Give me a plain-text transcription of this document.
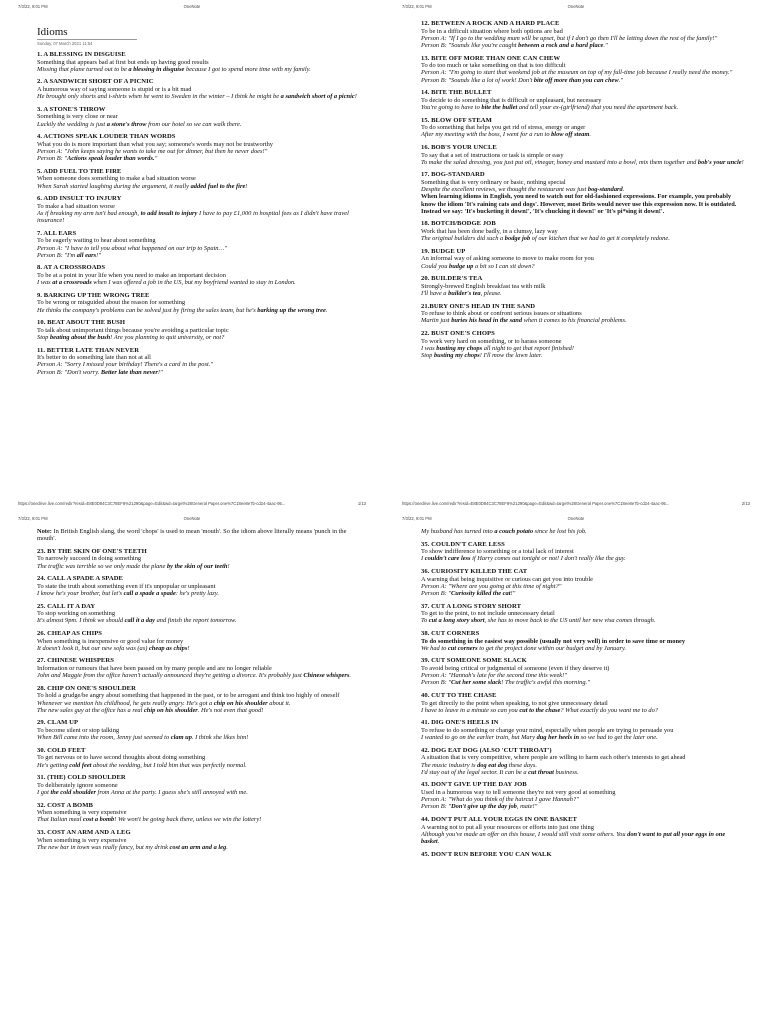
7/3/22, 9:01 PM	OneNote
Idioms
Sunday, 07 March 2021 11:54

1. A BLESSING IN DISGUISE

Something that appears bad at first but ends up having good results

Missing that plane turned out to be a blessing in disguise because I got to spend more time with my family.

2. A SANDWICH SHORT OF A PICNIC

A humorous way of saying someone is stupid or is a bit mad

He brought only shorts and t-shirts when he went to Sweden in the winter – I think he might be a sandwich short of a picnic!

3. A STONE'S THROW

Something is very close or near

Luckily the wedding is just a stone's throw from our hotel so we can walk there.

4. ACTIONS SPEAK LOUDER THAN WORDS

What you do is more important than what you say; someone's words may not be trustworthy

Person A: "John keeps saying he wants to take me out for dinner, but then he never does!"
Person B: "Actions speak louder than words."

5. ADD FUEL TO THE FIRE

When someone does something to make a bad situation worse

When Sarah started laughing during the argument, it really added fuel to the fire!

6. ADD INSULT TO INJURY

To make a bad situation worse

As if breaking my arm isn't bad enough, to add insult to injury I have to pay £1,000 in hospital fees as I didn't have travel insurance!

7. ALL EARS

To be eagerly waiting to hear about something

Person A: "I have to tell you about what happened on our trip to Spain…"
Person B: "I'm all ears!"

8. AT A CROSSROADS

To be at a point in your life when you need to make an important decision

I was at a crossroads when I was offered a job in the US, but my boyfriend wanted to stay in London.

9. BARKING UP THE WRONG TREE

To be wrong or misguided about the reason for something

He thinks the company's problems can be solved just by firing the sales team, but he's barking up the wrong tree.

10. BEAT ABOUT THE BUSH

To talk about unimportant things because you're avoiding a particular topic

Stop beating about the bush! Are you planning to quit university, or not?

11. BETTER LATE THAN NEVER

It's better to do something late than not at all

Person A: "Sorry I missed your birthday! There's a card in the post."
Person B: "Don't worry. Better late than never!"

https://onedrive.live.com/redir?resid=E8E0D84C3C78EF8%21290&page=Edit&wd=target%28General Paper.one%7C18ee8e7b-cd24-4aac-95...	1/13
7/3/22, 9:01 PM	OneNote

12. BETWEEN A ROCK AND A HARD PLACE

To be in a difficult situation where both options are bad

Person A: "If I go to the wedding mum will be upset, but if I don't go then I'll be letting down the rest of the family!"
Person B: "Sounds like you're caught between a rock and a hard place."

13. BITE OFF MORE THAN ONE CAN CHEW

To do too much or take something on that is too difficult

Person A: "I'm going to start that weekend job at the museum on top of my full-time job because I really need the money."
Person B: "Sounds like a lot of work! Don't bite off more than you can chew."

14. BITE THE BULLET

To decide to do something that is difficult or unpleasant, but necessary

You're going to have to bite the bullet and tell your ex-(girlfriend) that you need the apartment back.

15. BLOW OFF STEAM

To do something that helps you get rid of stress, energy or anger

After my meeting with the boss, I went for a run to blow off steam.

16. BOB'S YOUR UNCLE

To say that a set of instructions or task is simple or easy

To make the salad dressing, you just put oil, vinegar, honey and mustard into a bowl, mix them together and bob's your uncle!

17. BOG-STANDARD

Something that is very ordinary or basic, nothing special

Despite the excellent reviews, we thought the restaurant was just bog-standard.

When learning idioms in English, you need to watch out for old-fashioned expressions. For example, you probably know the idiom 'It's raining cats and dogs'. However, most Brits would never use this expression now. It is outdated. Instead we say: 'It's bucketing it down!', 'It's chucking it down!' or 'It's pi*sing it down!'.

18. BOTCH/BODGE JOB

Work that has been done badly, in a clumsy, lazy way

The original builders did such a bodge job of our kitchen that we had to get it completely redone.

19. BUDGE UP

An informal way of asking someone to move to make room for you

Could you budge up a bit so I can sit down?

20. BUILDER'S TEA

Strongly-brewed English breakfast tea with milk

I'll have a builder's tea, please.

21.BURY ONE'S HEAD IN THE SAND

To refuse to think about or confront serious issues or situations

Martin just buries his head in the sand when it comes to his financial problems.

22. BUST ONE'S CHOPS

To work very hard on something, or to harass someone

I was busting my chops all night to get that report finished!
Stop busting my chops! I'll mow the lawn later.

https://onedrive.live.com/redir?resid=E8E0D84C3C78EF8%21290&page=Edit&wd=target%28General Paper.one%7C18ee8e7b-cd24-4aac-95...	2/13
7/3/22, 9:01 PM	OneNote

Note: In British English slang, the word 'chops' is used to mean 'mouth'. So the idiom above literally means 'punch in the mouth'.

23. BY THE SKIN OF ONE'S TEETH

To narrowly succeed in doing something

The traffic was terrible so we only made the plane by the skin of our teeth!

24. CALL A SPADE A SPADE

To state the truth about something even if it's unpopular or unpleasant

I know he's your brother, but let's call a spade a spade: he's pretty lazy.

25. CALL IT A DAY

To stop working on something

It's almost 9pm. I think we should call it a day and finish the report tomorrow.

26. CHEAP AS CHIPS

When something is inexpensive or good value for money

It doesn't look it, but our new sofa was (as) cheap as chips!

27. CHINESE WHISPERS

Information or rumours that have been passed on by many people and are no longer reliable

John and Maggie from the office haven't actually announced they're getting a divorce. It's probably just Chinese whispers.

28. CHIP ON ONE'S SHOULDER

To hold a grudge/be angry about something that happened in the past, or to be arrogant and think too highly of oneself

Whenever we mention his childhood, he gets really angry. He's got a chip on his shoulder about it.
The new sales guy at the office has a real chip on his shoulder. He's not even that good!

29. CLAM UP

To become silent or stop talking

When Bill came into the room, Jenny just seemed to clam up. I think she likes him!

30. COLD FEET

To get nervous or to have second thoughts about doing something

He's getting cold feet about the wedding, but I told him that was perfectly normal.

31. (THE) COLD SHOULDER

To deliberately ignore someone

I got the cold shoulder from Anna at the party. I guess she's still annoyed with me.

32. COST A BOMB

When something is very expensive

That Italian meal cost a bomb! We won't be going back there, unless we win the lottery!

33. COST AN ARM AND A LEG

When something is very expensive

The new bar in town was really fancy, but my drink cost an arm and a leg.

7/3/22, 9:01 PM	OneNote

My husband has turned into a couch potato since he lost his job.

35. COULDN'T CARE LESS

To show indifference to something or a total lack of interest

I couldn't care less if Harry comes out tonight or not! I don't really like the guy.

36. CURIOSITY KILLED THE CAT

A warning that being inquisitive or curious can get you into trouble

Person A: "Where are you going at this time of night?"
Person B: "Curiosity killed the cat!"

37. CUT A LONG STORY SHORT

To get to the point, to not include unnecessary detail

To cut a long story short, she has to move back to the US until her new visa comes through.

38. CUT CORNERS

To do something in the easiest way possible (usually not very well) in order to save time or money

We had to cut corners to get the project done within our budget and by January.

39. CUT SOMEONE SOME SLACK

To avoid being critical or judgmental of someone (even if they deserve it)

Person A: "Hannah's late for the second time this week!"
Person B: "Cut her some slack! The traffic's awful this morning."

40. CUT TO THE CHASE

To get directly to the point when speaking, to not give unnecessary detail

I have to leave in a minute so can you cut to the chase? What exactly do you want me to do?

41. DIG ONE'S HEELS IN

To refuse to do something or change your mind, especially when people are trying to persuade you

I wanted to go on the earlier train, but Mary dug her heels in so we had to get the later one.

42. DOG EAT DOG (ALSO 'CUT THROAT')

A situation that is very competitive, where people are willing to harm each other's interests to get ahead

The music industry is dog eat dog these days.
I'd stay out of the legal sector. It can be a cut throat business.

43. DON'T GIVE UP THE DAY JOB

Used in a humorous way to tell someone they're not very good at something

Person A: "What do you think of the haircut I gave Hannah?"
Person B: "Don't give up the day job, mate!"

44. DON'T PUT ALL YOUR EGGS IN ONE BASKET

A warning not to put all your resources or efforts into just one thing

Although you've made an offer on this house, I would still visit some others. You don't want to put all your eggs in one basket.

45. DON'T RUN BEFORE YOU CAN WALK
